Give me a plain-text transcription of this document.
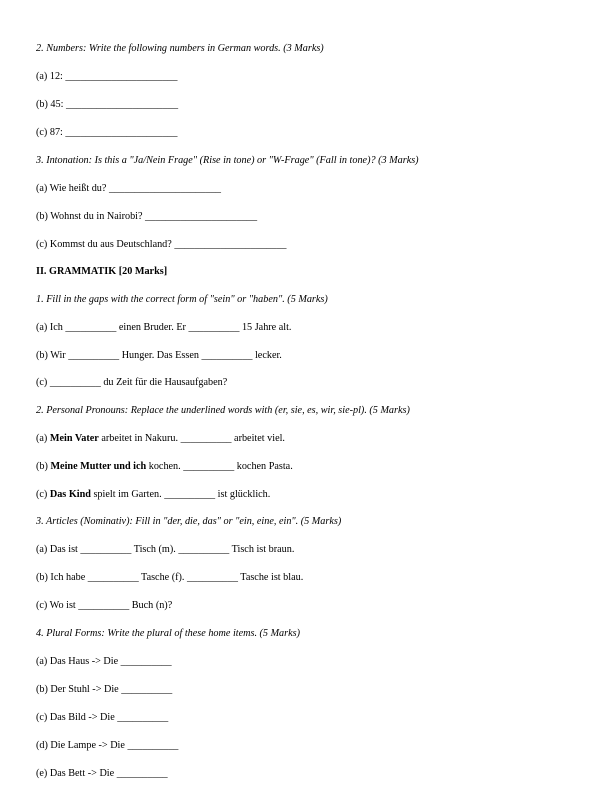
2. Numbers: Write the following numbers in German words. (3 Marks)
(a) 12: ______________________
(b) 45: ______________________
(c) 87: ______________________
3. Intonation: Is this a "Ja/Nein Frage" (Rise in tone) or "W-Frage" (Fall in tone)? (3 Marks)
(a) Wie heißt du? ______________________
(b) Wohnst du in Nairobi? ______________________
(c) Kommst du aus Deutschland? ______________________
II. GRAMMATIK [20 Marks]
1. Fill in the gaps with the correct form of "sein" or "haben". (5 Marks)
(a) Ich __________ einen Bruder. Er __________ 15 Jahre alt.
(b) Wir __________ Hunger. Das Essen __________ lecker.
(c) __________ du Zeit für die Hausaufgaben?
2. Personal Pronouns: Replace the underlined words with (er, sie, es, wir, sie-pl). (5 Marks)
(a) Mein Vater arbeitet in Nakuru. __________ arbeitet viel.
(b) Meine Mutter und ich kochen. __________ kochen Pasta.
(c) Das Kind spielt im Garten. __________ ist glücklich.
3. Articles (Nominativ): Fill in "der, die, das" or "ein, eine, ein". (5 Marks)
(a) Das ist __________ Tisch (m). __________ Tisch ist braun.
(b) Ich habe __________ Tasche (f). __________ Tasche ist blau.
(c) Wo ist __________ Buch (n)?
4. Plural Forms: Write the plural of these home items. (5 Marks)
(a) Das Haus -> Die __________
(b) Der Stuhl -> Die __________
(c) Das Bild -> Die __________
(d) Die Lampe -> Die __________
(e) Das Bett -> Die __________
